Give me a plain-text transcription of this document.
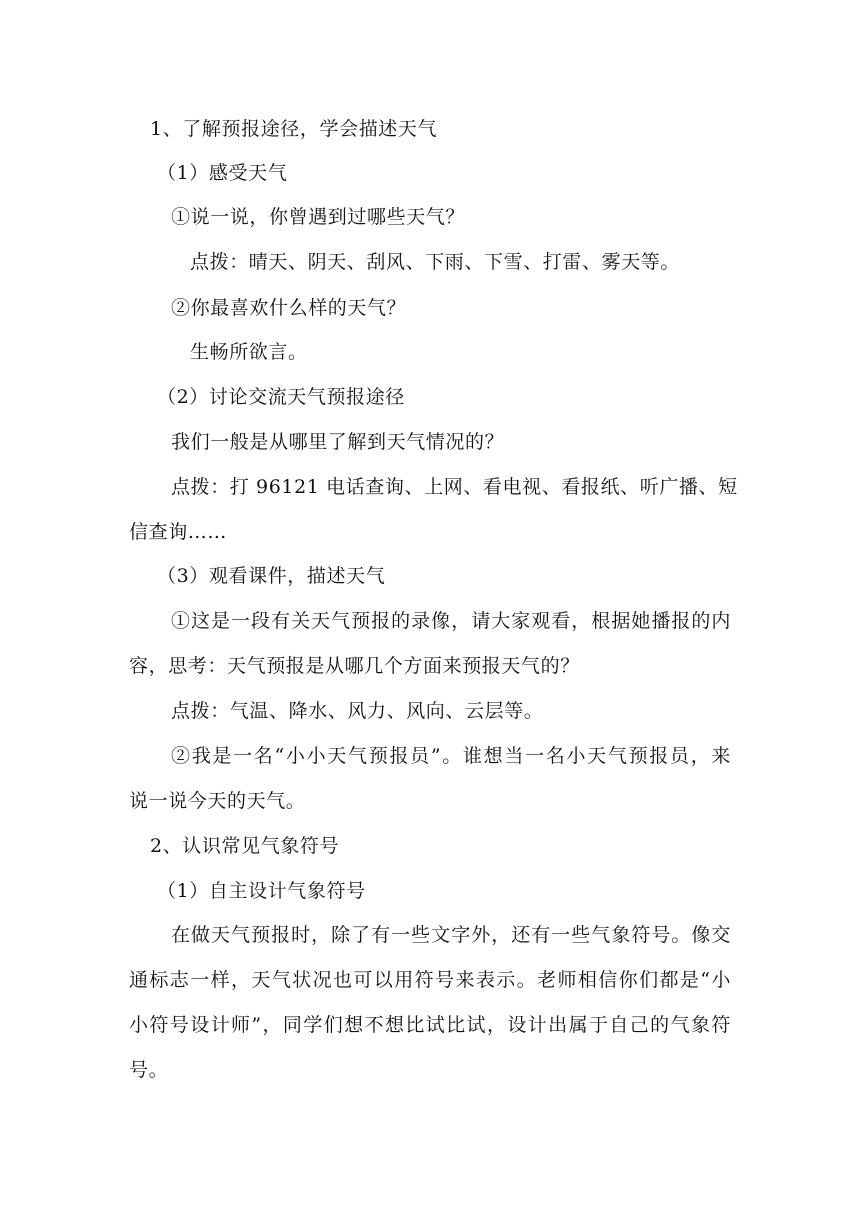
1、了解预报途径，学会描述天气
（1）感受天气
①说一说，你曾遇到过哪些天气？
点拨：晴天、阴天、刮风、下雨、下雪、打雷、雾天等。
②你最喜欢什么样的天气？
生畅所欲言。
（2）讨论交流天气预报途径
我们一般是从哪里了解到天气情况的？
点拨：打 96121 电话查询、上网、看电视、看报纸、听广播、短
信查询……
（3）观看课件，描述天气
①这是一段有关天气预报的录像，请大家观看，根据她播报的内
容，思考：天气预报是从哪几个方面来预报天气的？
点拨：气温、降水、风力、风向、云层等。
②我是一名“小小天气预报员”。谁想当一名小天气预报员，来
说一说今天的天气。
2、认识常见气象符号
（1）自主设计气象符号
在做天气预报时，除了有一些文字外，还有一些气象符号。像交
通标志一样，天气状况也可以用符号来表示。老师相信你们都是“小
小符号设计师”，同学们想不想比试比试，设计出属于自己的气象符
号。
